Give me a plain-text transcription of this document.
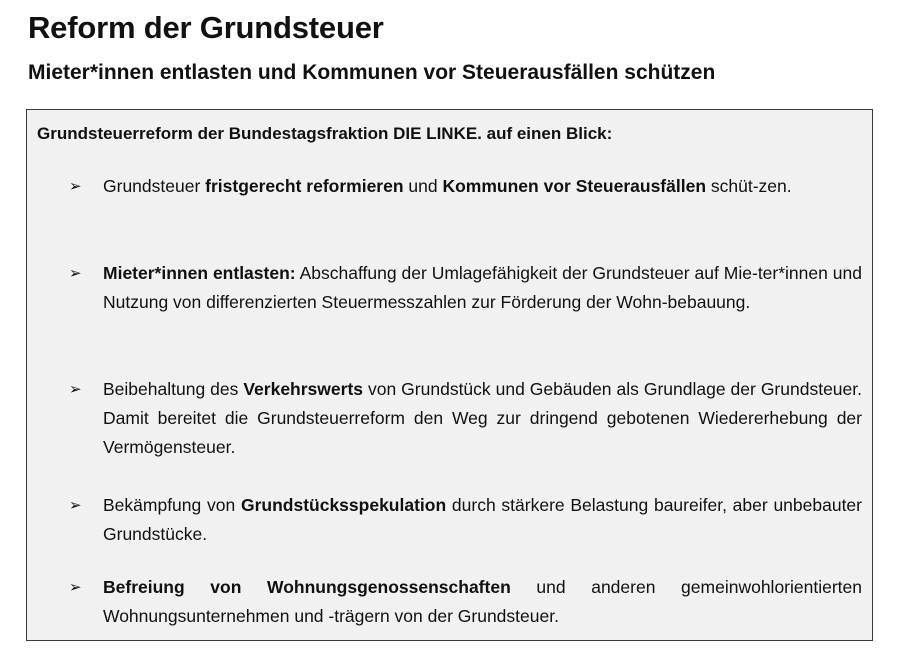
Reform der Grundsteuer
Mieter*innen entlasten und Kommunen vor Steuerausfällen schützen

Grundsteuerreform der Bundestagsfraktion DIE LINKE. auf einen Blick:

➢ Grundsteuer fristgerecht reformieren und Kommunen vor Steuerausfällen schüt-zen.
➢ Mieter*innen entlasten: Abschaffung der Umlagefähigkeit der Grundsteuer auf Mie-ter*innen und Nutzung von differenzierten Steuermesszahlen zur Förderung der Wohn-bebauung.
➢ Beibehaltung des Verkehrswerts von Grundstück und Gebäuden als Grundlage der Grundsteuer. Damit bereitet die Grundsteuerreform den Weg zur dringend gebotenen Wiedererhebung der Vermögensteuer.
➢ Bekämpfung von Grundstücksspekulation durch stärkere Belastung baureifer, aber unbebauter Grundstücke.
➢ Befreiung von Wohnungsgenossenschaften und anderen gemeinwohlorientierten Wohnungsunternehmen und -trägern von der Grundsteuer.
